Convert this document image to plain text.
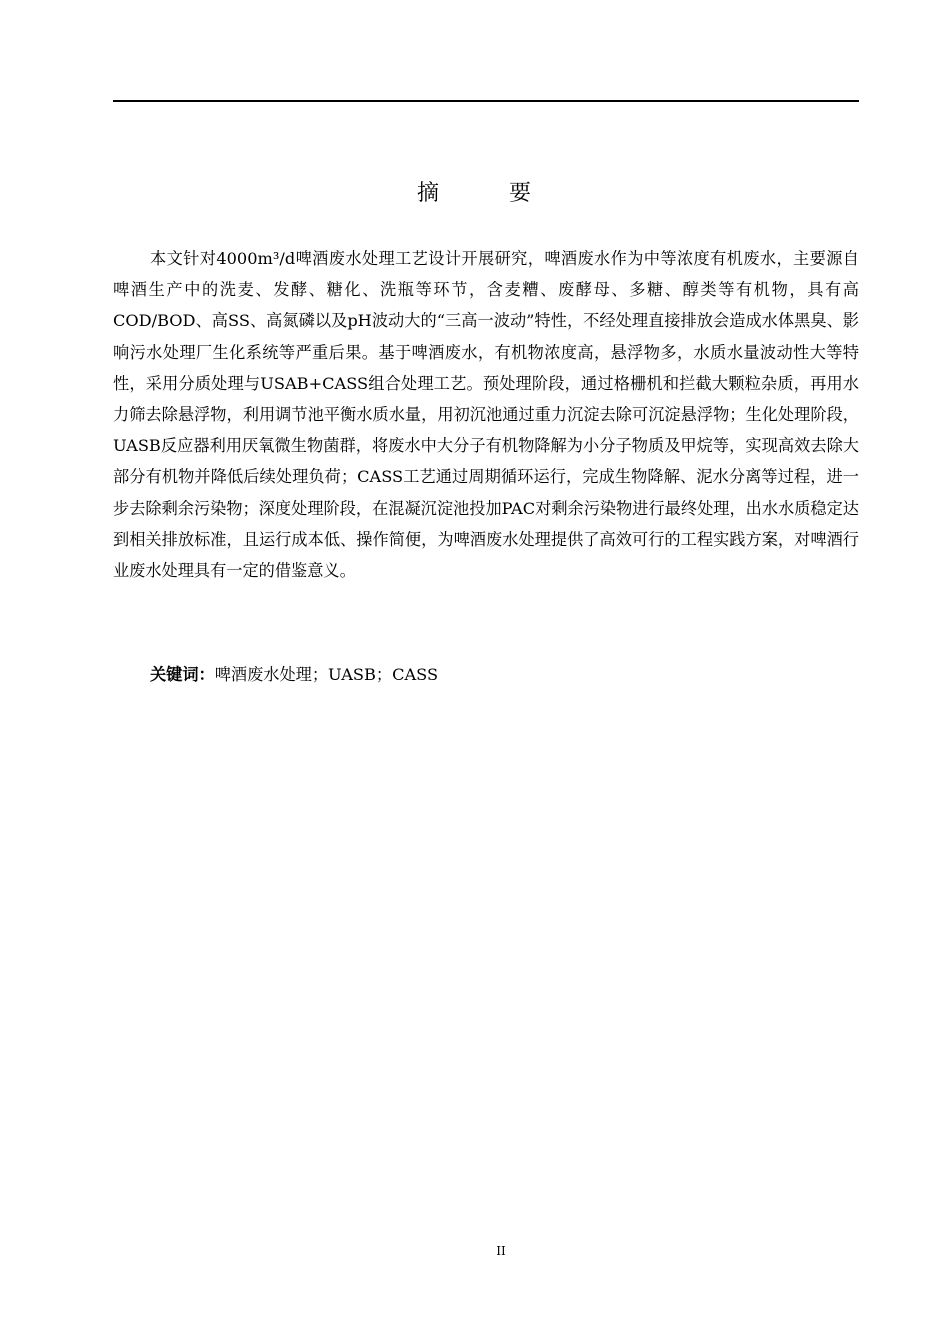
摘　要

本文针对4000m³/d啤酒废水处理工艺设计开展研究，啤酒废水作为中等浓度有机废水，主要源自啤酒生产中的洗麦、发酵、糖化、洗瓶等环节，含麦糟、废酵母、多糖、醇类等有机物，具有高COD/BOD、高SS、高氮磷以及pH波动大的“三高一波动”特性，不经处理直接排放会造成水体黑臭、影响污水处理厂生化系统等严重后果。基于啤酒废水，有机物浓度高，悬浮物多，水质水量波动性大等特性，采用分质处理与USAB+CASS组合处理工艺。预处理阶段，通过格栅机和拦截大颗粒杂质，再用水力筛去除悬浮物，利用调节池平衡水质水量，用初沉池通过重力沉淀去除可沉淀悬浮物；生化处理阶段，UASB反应器利用厌氧微生物菌群，将废水中大分子有机物降解为小分子物质及甲烷等，实现高效去除大部分有机物并降低后续处理负荷；CASS工艺通过周期循环运行，完成生物降解、泥水分离等过程，进一步去除剩余污染物；深度处理阶段，在混凝沉淀池投加PAC对剩余污染物进行最终处理，出水水质稳定达到相关排放标准，且运行成本低、操作简便，为啤酒废水处理提供了高效可行的工程实践方案，对啤酒行业废水处理具有一定的借鉴意义。

关键词：啤酒废水处理；UASB；CASS

II
